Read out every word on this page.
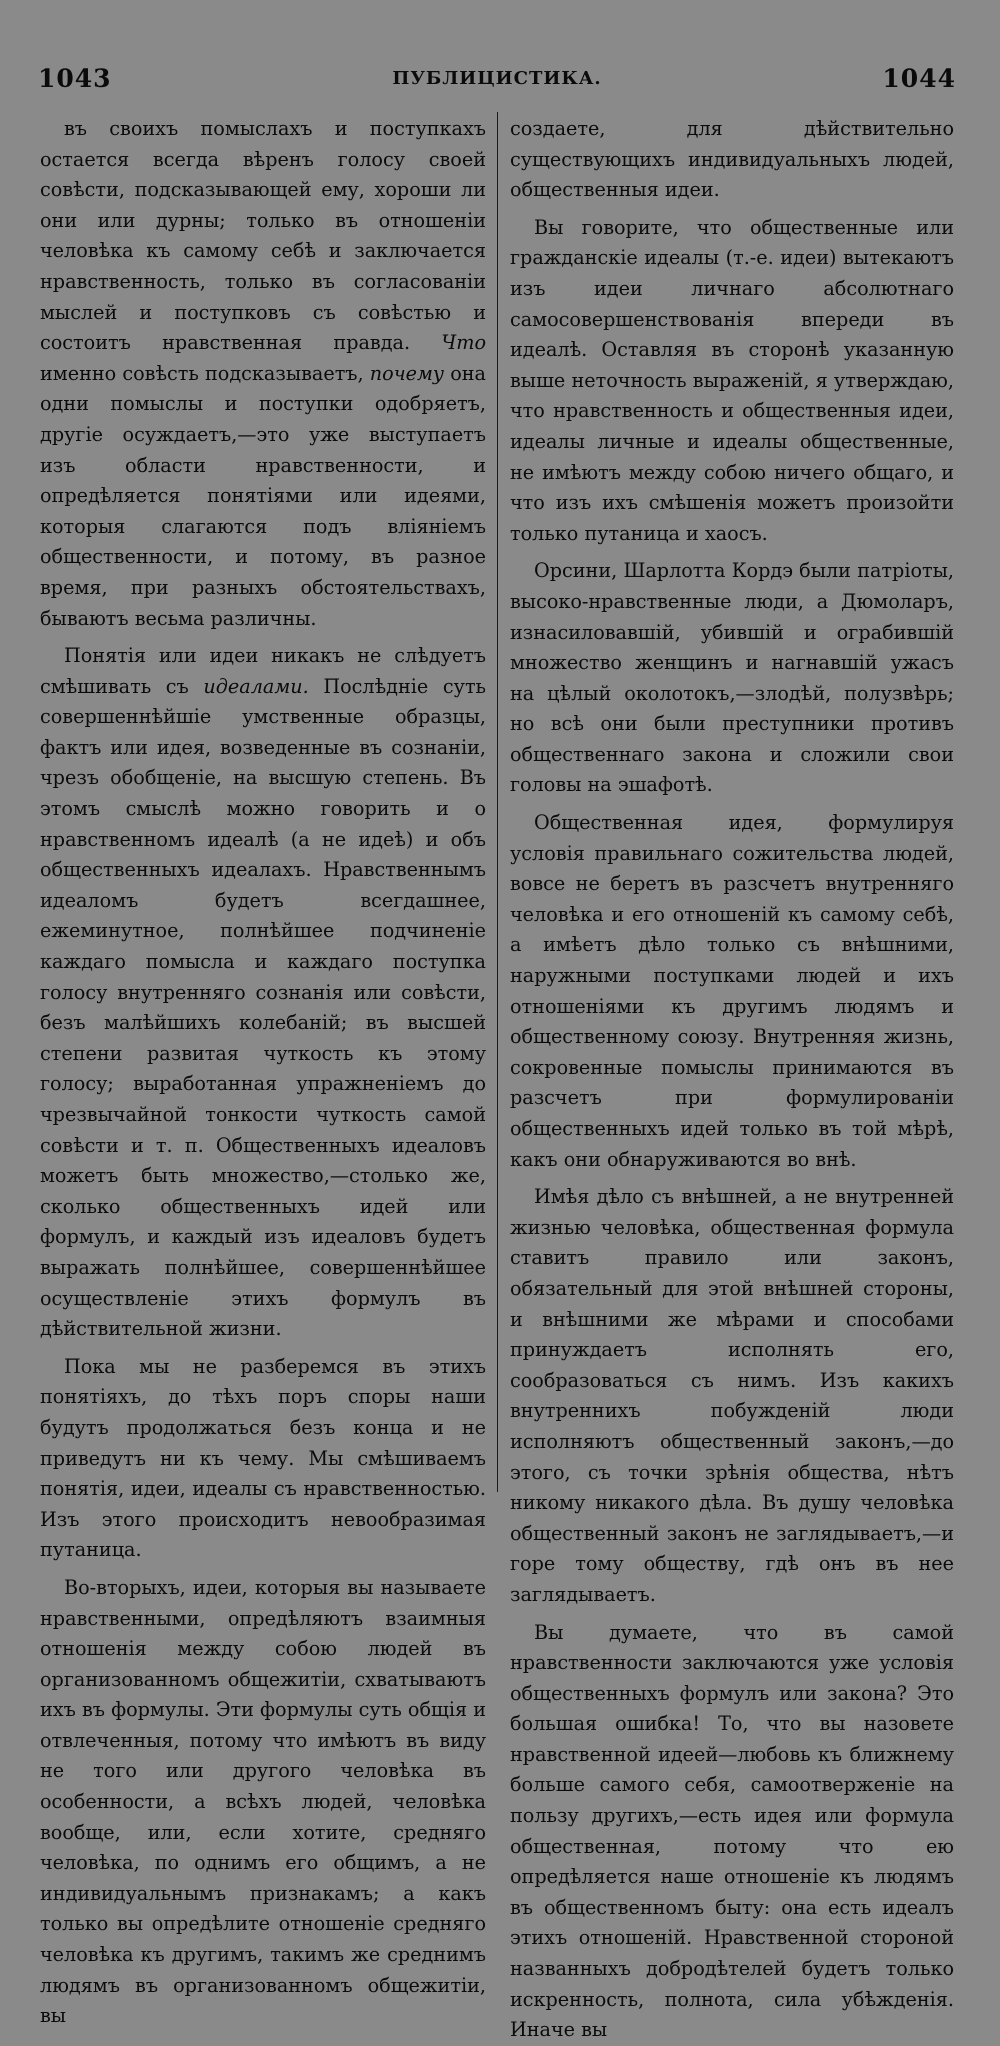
1043	ПУБЛИЦИСТИКА.	1044

въ своихъ помыслахъ и поступкахъ остается всегда вѣренъ голосу своей совѣсти, подсказывающей ему, хороши ли они или дурны; только въ отношеніи человѣка къ самому себѣ и заключается нравственность, только въ согласованіи мыслей и поступковъ съ совѣстью и состоитъ нравственная правда. Что именно совѣсть подсказываетъ, почему она одни помыслы и поступки одобряетъ, другіе осуждаетъ,—это уже выступаетъ изъ области нравственности, и опредѣляется понятіями или идеями, которыя слагаются подъ вліяніемъ общественности, и потому, въ разное время, при разныхъ обстоятельствахъ, бываютъ весьма различны.

Понятія или идеи никакъ не слѣдуетъ смѣшивать съ идеалами. Послѣдніе суть совершеннѣйшіе умственные образцы, фактъ или идея, возведенные въ сознаніи, чрезъ обобщеніе, на высшую степень. Въ этомъ смыслѣ можно говорить и о нравственномъ идеалѣ (а не идеѣ) и объ общественныхъ идеалахъ. Нравственнымъ идеаломъ будетъ всегдашнее, ежеминутное, полнѣйшее подчиненіе каждаго помысла и каждаго поступка голосу внутренняго сознанія или совѣсти, безъ малѣйшихъ колебаній; въ высшей степени развитая чуткость къ этому голосу; выработанная упражненіемъ до чрезвычайной тонкости чуткость самой совѣсти и т. п. Общественныхъ идеаловъ можетъ быть множество,—столько же, сколько общественныхъ идей или формулъ, и каждый изъ идеаловъ будетъ выражать полнѣйшее, совершеннѣйшее осуществленіе этихъ формулъ въ дѣйствительной жизни.

Пока мы не разберемся въ этихъ понятіяхъ, до тѣхъ поръ споры наши будутъ продолжаться безъ конца и не приведутъ ни къ чему. Мы смѣшиваемъ понятія, идеи, идеалы съ нравственностью. Изъ этого происходитъ невообразимая путаница.

Во-вторыхъ, идеи, которыя вы называете нравственными, опредѣляютъ взаимныя отношенія между собою людей въ организованномъ общежитіи, схватываютъ ихъ въ формулы. Эти формулы суть общія и отвлеченныя, потому что имѣютъ въ виду не того или другого человѣка въ особенности, а всѣхъ людей, человѣка вообще, или, если хотите, средняго человѣка, по однимъ его общимъ, а не индивидуальнымъ признакамъ; а какъ только вы опредѣлите отношеніе средняго человѣка къ другимъ, такимъ же среднимъ людямъ въ организованномъ общежитіи, вы

создаете, для дѣйствительно существующихъ индивидуальныхъ людей, общественныя идеи.

Вы говорите, что общественные или гражданскіе идеалы (т.-е. идеи) вытекаютъ изъ идеи личнаго абсолютнаго самосовершенствованія впереди въ идеалѣ. Оставляя въ сторонѣ указанную выше неточность выраженій, я утверждаю, что нравственность и общественныя идеи, идеалы личные и идеалы общественные, не имѣютъ между собою ничего общаго, и что изъ ихъ смѣшенія можетъ произойти только путаница и хаосъ.

Орсини, Шарлотта Кордэ были патріоты, высоко-нравственные люди, а Дюмоларъ, изнасиловавшій, убившій и ограбившій множество женщинъ и нагнавшій ужасъ на цѣлый околотокъ,—злодѣй, полузвѣрь; но всѣ они были преступники противъ общественнаго закона и сложили свои головы на эшафотѣ.

Общественная идея, формулируя условія правильнаго сожительства людей, вовсе не беретъ въ разсчетъ внутренняго человѣка и его отношеній къ самому себѣ, а имѣетъ дѣло только съ внѣшними, наружными поступками людей и ихъ отношеніями къ другимъ людямъ и общественному союзу. Внутренняя жизнь, сокровенные помыслы принимаются въ разсчетъ при формулированіи общественныхъ идей только въ той мѣрѣ, какъ они обнаруживаются во внѣ.

Имѣя дѣло съ внѣшней, а не внутренней жизнью человѣка, общественная формула ставитъ правило или законъ, обязательный для этой внѣшней стороны, и внѣшними же мѣрами и способами принуждаетъ исполнять его, сообразоваться съ нимъ. Изъ какихъ внутреннихъ побужденій люди исполняютъ общественный законъ,—до этого, съ точки зрѣнія общества, нѣтъ никому никакого дѣла. Въ душу человѣка общественный законъ не заглядываетъ,—и горе тому обществу, гдѣ онъ въ нее заглядываетъ.

Вы думаете, что въ самой нравственности заключаются уже условія общественныхъ формулъ или закона? Это большая ошибка! То, что вы назовете нравственной идеей—любовь къ ближнему больше самого себя, самоотверженіе на пользу другихъ,—есть идея или формула общественная, потому что ею опредѣляется наше отношеніе къ людямъ въ общественномъ быту: она есть идеалъ этихъ отношеній. Нравственной стороной названныхъ добродѣтелей будетъ только искренность, полнота, сила убѣжденія. Иначе вы
